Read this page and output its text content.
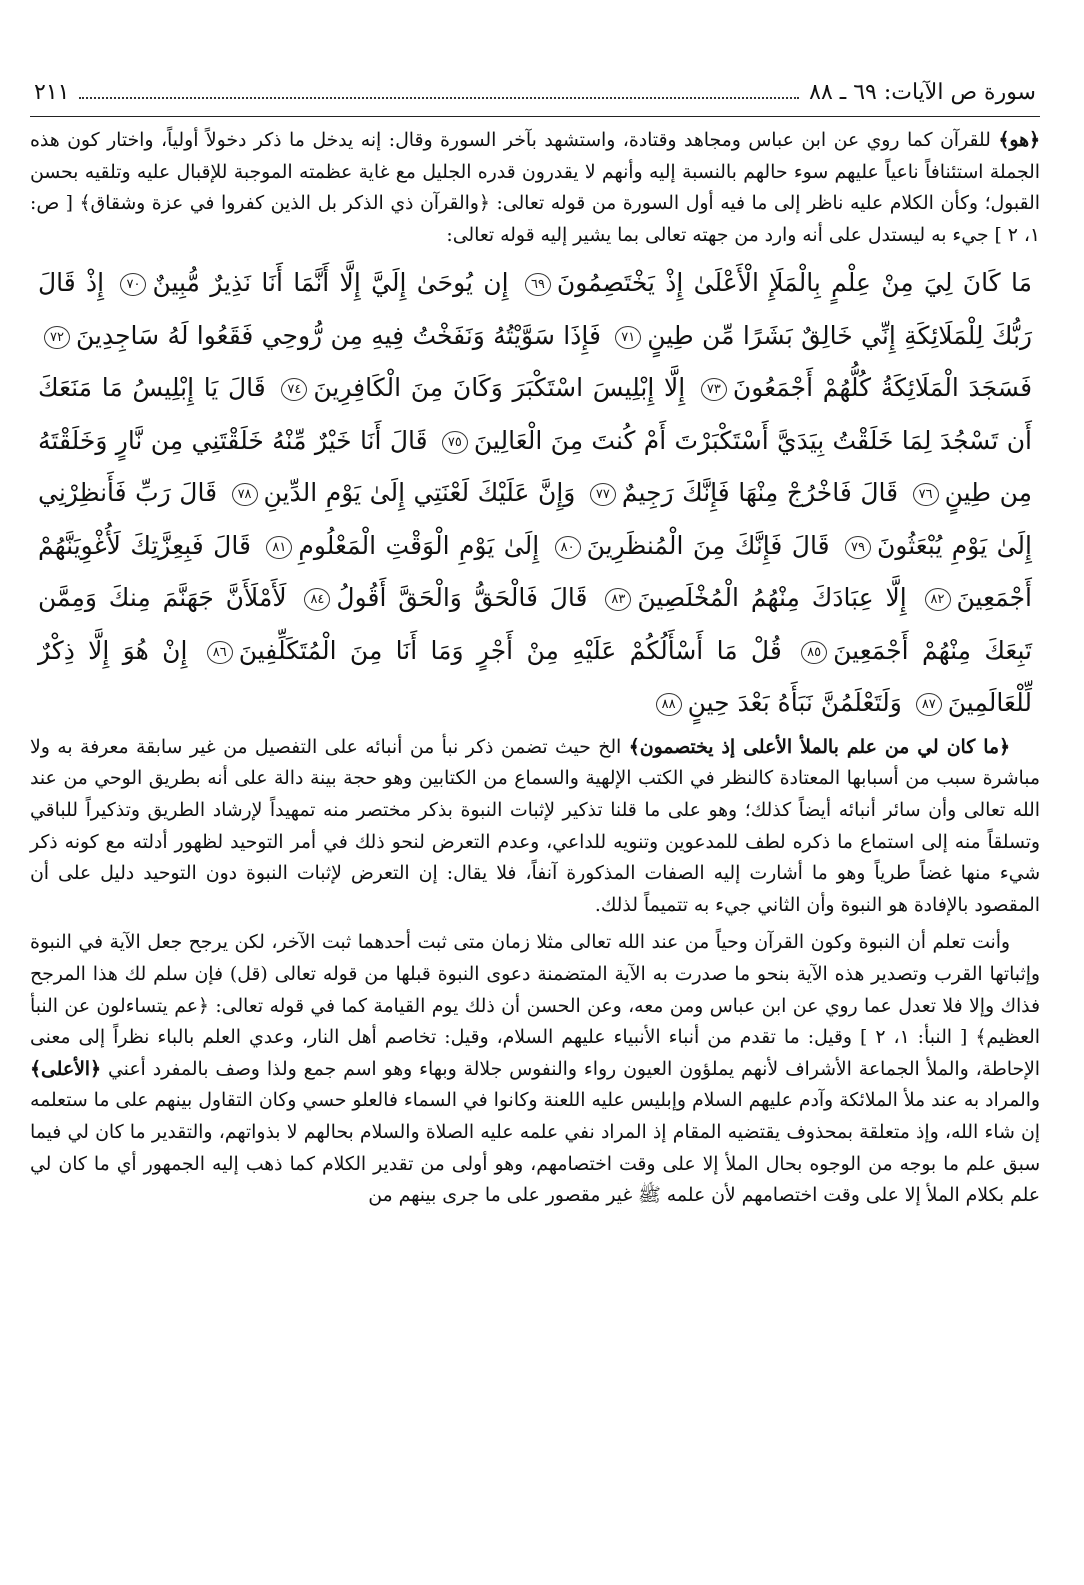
سورة ص الآيات: ٦٩ ـ ٨٨
٢١١

﴿هو﴾ للقرآن كما روي عن ابن عباس ومجاهد وقتادة، واستشهد بآخر السورة وقال: إنه يدخل ما ذكر دخولاً أولياً، واختار كون هذه الجملة استئنافاً ناعياً عليهم سوء حالهم بالنسبة إليه وأنهم لا يقدرون قدره الجليل مع غاية عظمته الموجبة للإقبال عليه وتلقيه بحسن القبول؛ وكأن الكلام عليه ناظر إلى ما فيه أول السورة من قوله تعالى: ﴿والقرآن ذي الذكر بل الذين كفروا في عزة وشقاق﴾ [ ص: ١، ٢ ] جيء به ليستدل على أنه وارد من جهته تعالى بما يشير إليه قوله تعالى:

مَا كَانَ لِيَ مِنْ عِلْمٍ بِالْمَلَإِ الْأَعْلَىٰ إِذْ يَخْتَصِمُونَ٦٩ إِن يُوحَىٰ إِلَيَّ إِلَّا أَنَّمَا أَنَا نَذِيرٌ مُّبِينٌ٧٠ إِذْ قَالَ رَبُّكَ لِلْمَلَائِكَةِ إِنِّي خَالِقٌ بَشَرًا مِّن طِينٍ٧١ فَإِذَا سَوَّيْتُهُ وَنَفَخْتُ فِيهِ مِن رُّوحِي فَقَعُوا لَهُ سَاجِدِينَ٧٢ فَسَجَدَ الْمَلَائِكَةُ كُلُّهُمْ أَجْمَعُونَ٧٣ إِلَّا إِبْلِيسَ اسْتَكْبَرَ وَكَانَ مِنَ الْكَافِرِينَ٧٤ قَالَ يَا إِبْلِيسُ مَا مَنَعَكَ أَن تَسْجُدَ لِمَا خَلَقْتُ بِيَدَيَّ أَسْتَكْبَرْتَ أَمْ كُنتَ مِنَ الْعَالِينَ٧٥ قَالَ أَنَا خَيْرٌ مِّنْهُ خَلَقْتَنِي مِن نَّارٍ وَخَلَقْتَهُ مِن طِينٍ٧٦ قَالَ فَاخْرُجْ مِنْهَا فَإِنَّكَ رَجِيمٌ٧٧ وَإِنَّ عَلَيْكَ لَعْنَتِي إِلَىٰ يَوْمِ الدِّينِ٧٨ قَالَ رَبِّ فَأَنظِرْنِي إِلَىٰ يَوْمِ يُبْعَثُونَ٧٩ قَالَ فَإِنَّكَ مِنَ الْمُنظَرِينَ٨٠ إِلَىٰ يَوْمِ الْوَقْتِ الْمَعْلُومِ٨١ قَالَ فَبِعِزَّتِكَ لَأُغْوِيَنَّهُمْ أَجْمَعِينَ٨٢ إِلَّا عِبَادَكَ مِنْهُمُ الْمُخْلَصِينَ٨٣ قَالَ فَالْحَقُّ وَالْحَقَّ أَقُولُ٨٤ لَأَمْلَأَنَّ جَهَنَّمَ مِنكَ وَمِمَّن تَبِعَكَ مِنْهُمْ أَجْمَعِينَ٨٥ قُلْ مَا أَسْأَلُكُمْ عَلَيْهِ مِنْ أَجْرٍ وَمَا أَنَا مِنَ الْمُتَكَلِّفِينَ٨٦ إِنْ هُوَ إِلَّا ذِكْرٌ لِّلْعَالَمِينَ٨٧ وَلَتَعْلَمُنَّ نَبَأَهُ بَعْدَ حِينٍ٨٨

﴿ما كان لي من علم بالملأ الأعلى إذ يختصمون﴾ الخ حيث تضمن ذكر نبأ من أنبائه على التفصيل من غير سابقة معرفة به ولا مباشرة سبب من أسبابها المعتادة كالنظر في الكتب الإلهية والسماع من الكتابين وهو حجة بينة دالة على أنه بطريق الوحي من عند الله تعالى وأن سائر أنبائه أيضاً كذلك؛ وهو على ما قلنا تذكير لإثبات النبوة بذكر مختصر منه تمهيداً لإرشاد الطريق وتذكيراً للباقي وتسلقاً منه إلى استماع ما ذكره لطف للمدعوين وتنويه للداعي، وعدم التعرض لنحو ذلك في أمر التوحيد لظهور أدلته مع كونه ذكر شيء منها غضاً طرياً وهو ما أشارت إليه الصفات المذكورة آنفاً، فلا يقال: إن التعرض لإثبات النبوة دون التوحيد دليل على أن المقصود بالإفادة هو النبوة وأن الثاني جيء به تتميماً لذلك.

وأنت تعلم أن النبوة وكون القرآن وحياً من عند الله تعالى مثلا زمان متى ثبت أحدهما ثبت الآخر، لكن يرجح جعل الآية في النبوة وإثباتها القرب وتصدير هذه الآية بنحو ما صدرت به الآية المتضمنة دعوى النبوة قبلها من قوله تعالى (قل) فإن سلم لك هذا المرجح فذاك وإلا فلا تعدل عما روي عن ابن عباس ومن معه، وعن الحسن أن ذلك يوم القيامة كما في قوله تعالى: ﴿عم يتساءلون عن النبأ العظيم﴾ [ النبأ: ١، ٢ ] وقيل: ما تقدم من أنباء الأنبياء عليهم السلام، وقيل: تخاصم أهل النار، وعدي العلم بالباء نظراً إلى معنى الإحاطة، والملأ الجماعة الأشراف لأنهم يملؤون العيون رواء والنفوس جلالة وبهاء وهو اسم جمع ولذا وصف بالمفرد أعني ﴿الأعلى﴾ والمراد به عند ملأ الملائكة وآدم عليهم السلام وإبليس عليه اللعنة وكانوا في السماء فالعلو حسي وكان التقاول بينهم على ما ستعلمه إن شاء الله، وإذ متعلقة بمحذوف يقتضيه المقام إذ المراد نفي علمه عليه الصلاة والسلام بحالهم لا بذواتهم، والتقدير ما كان لي فيما سبق علم ما بوجه من الوجوه بحال الملأ إلا على وقت اختصامهم، وهو أولى من تقدير الكلام كما ذهب إليه الجمهور أي ما كان لي علم بكلام الملأ إلا على وقت اختصامهم لأن علمه ﷺ غير مقصور على ما جرى بينهم من
